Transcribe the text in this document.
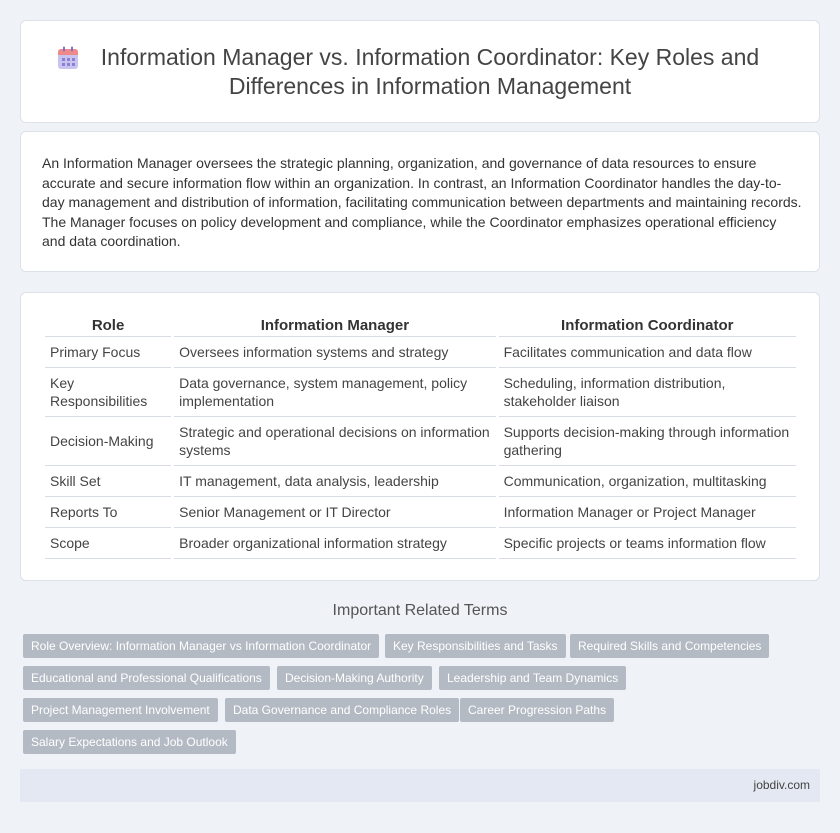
Information Manager vs. Information Coordinator: Key Roles and Differences in Information Management

An Information Manager oversees the strategic planning, organization, and governance of data resources to ensure accurate and secure information flow within an organization. In contrast, an Information Coordinator handles the day-to-day management and distribution of information, facilitating communication between departments and maintaining records. The Manager focuses on policy development and compliance, while the Coordinator emphasizes operational efficiency and data coordination.

Role	Information Manager	Information Coordinator
Primary Focus	Oversees information systems and strategy	Facilitates communication and data flow
Key Responsibilities	Data governance, system management, policy implementation	Scheduling, information distribution, stakeholder liaison
Decision-Making	Strategic and operational decisions on information systems	Supports decision-making through information gathering
Skill Set	IT management, data analysis, leadership	Communication, organization, multitasking
Reports To	Senior Management or IT Director	Information Manager or Project Manager
Scope	Broader organizational information strategy	Specific projects or teams information flow
Important Related Terms
Role Overview: Information Manager vs Information Coordinator	Key Responsibilities and Tasks	Required Skills and Competencies
Educational and Professional Qualifications	Decision-Making Authority	Leadership and Team Dynamics
Project Management Involvement	Data Governance and Compliance Roles	Career Progression Paths
Salary Expectations and Job Outlook
jobdiv.com
